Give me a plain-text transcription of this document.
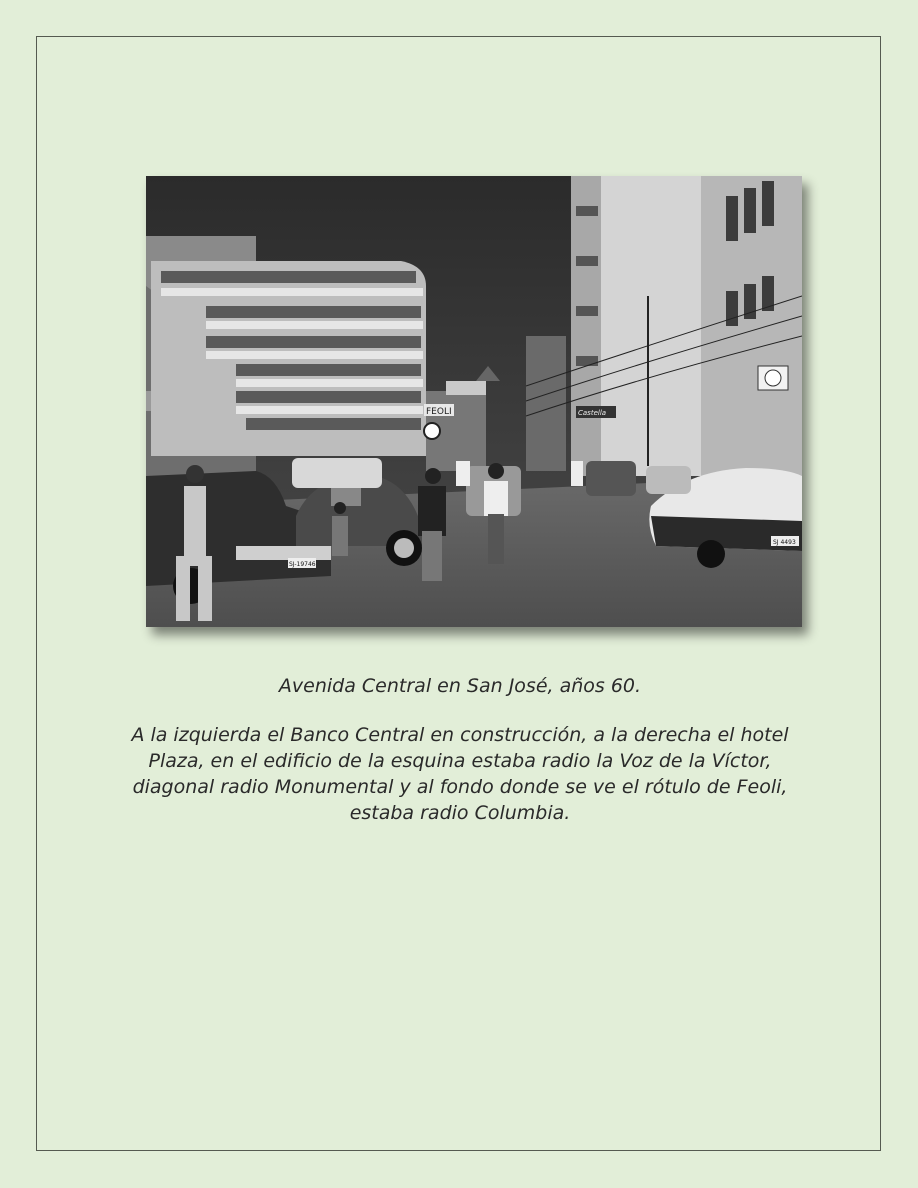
FEOLI	Castella
SJ-19746
SJ 4493
Avenida Central en San José, años 60.
A la izquierda el Banco Central en construcción, a la derecha el hotel Plaza, en el edificio de la esquina estaba radio la Voz de la Víctor, diagonal radio Monumental y al fondo donde se ve el rótulo de Feoli, estaba radio Columbia.
